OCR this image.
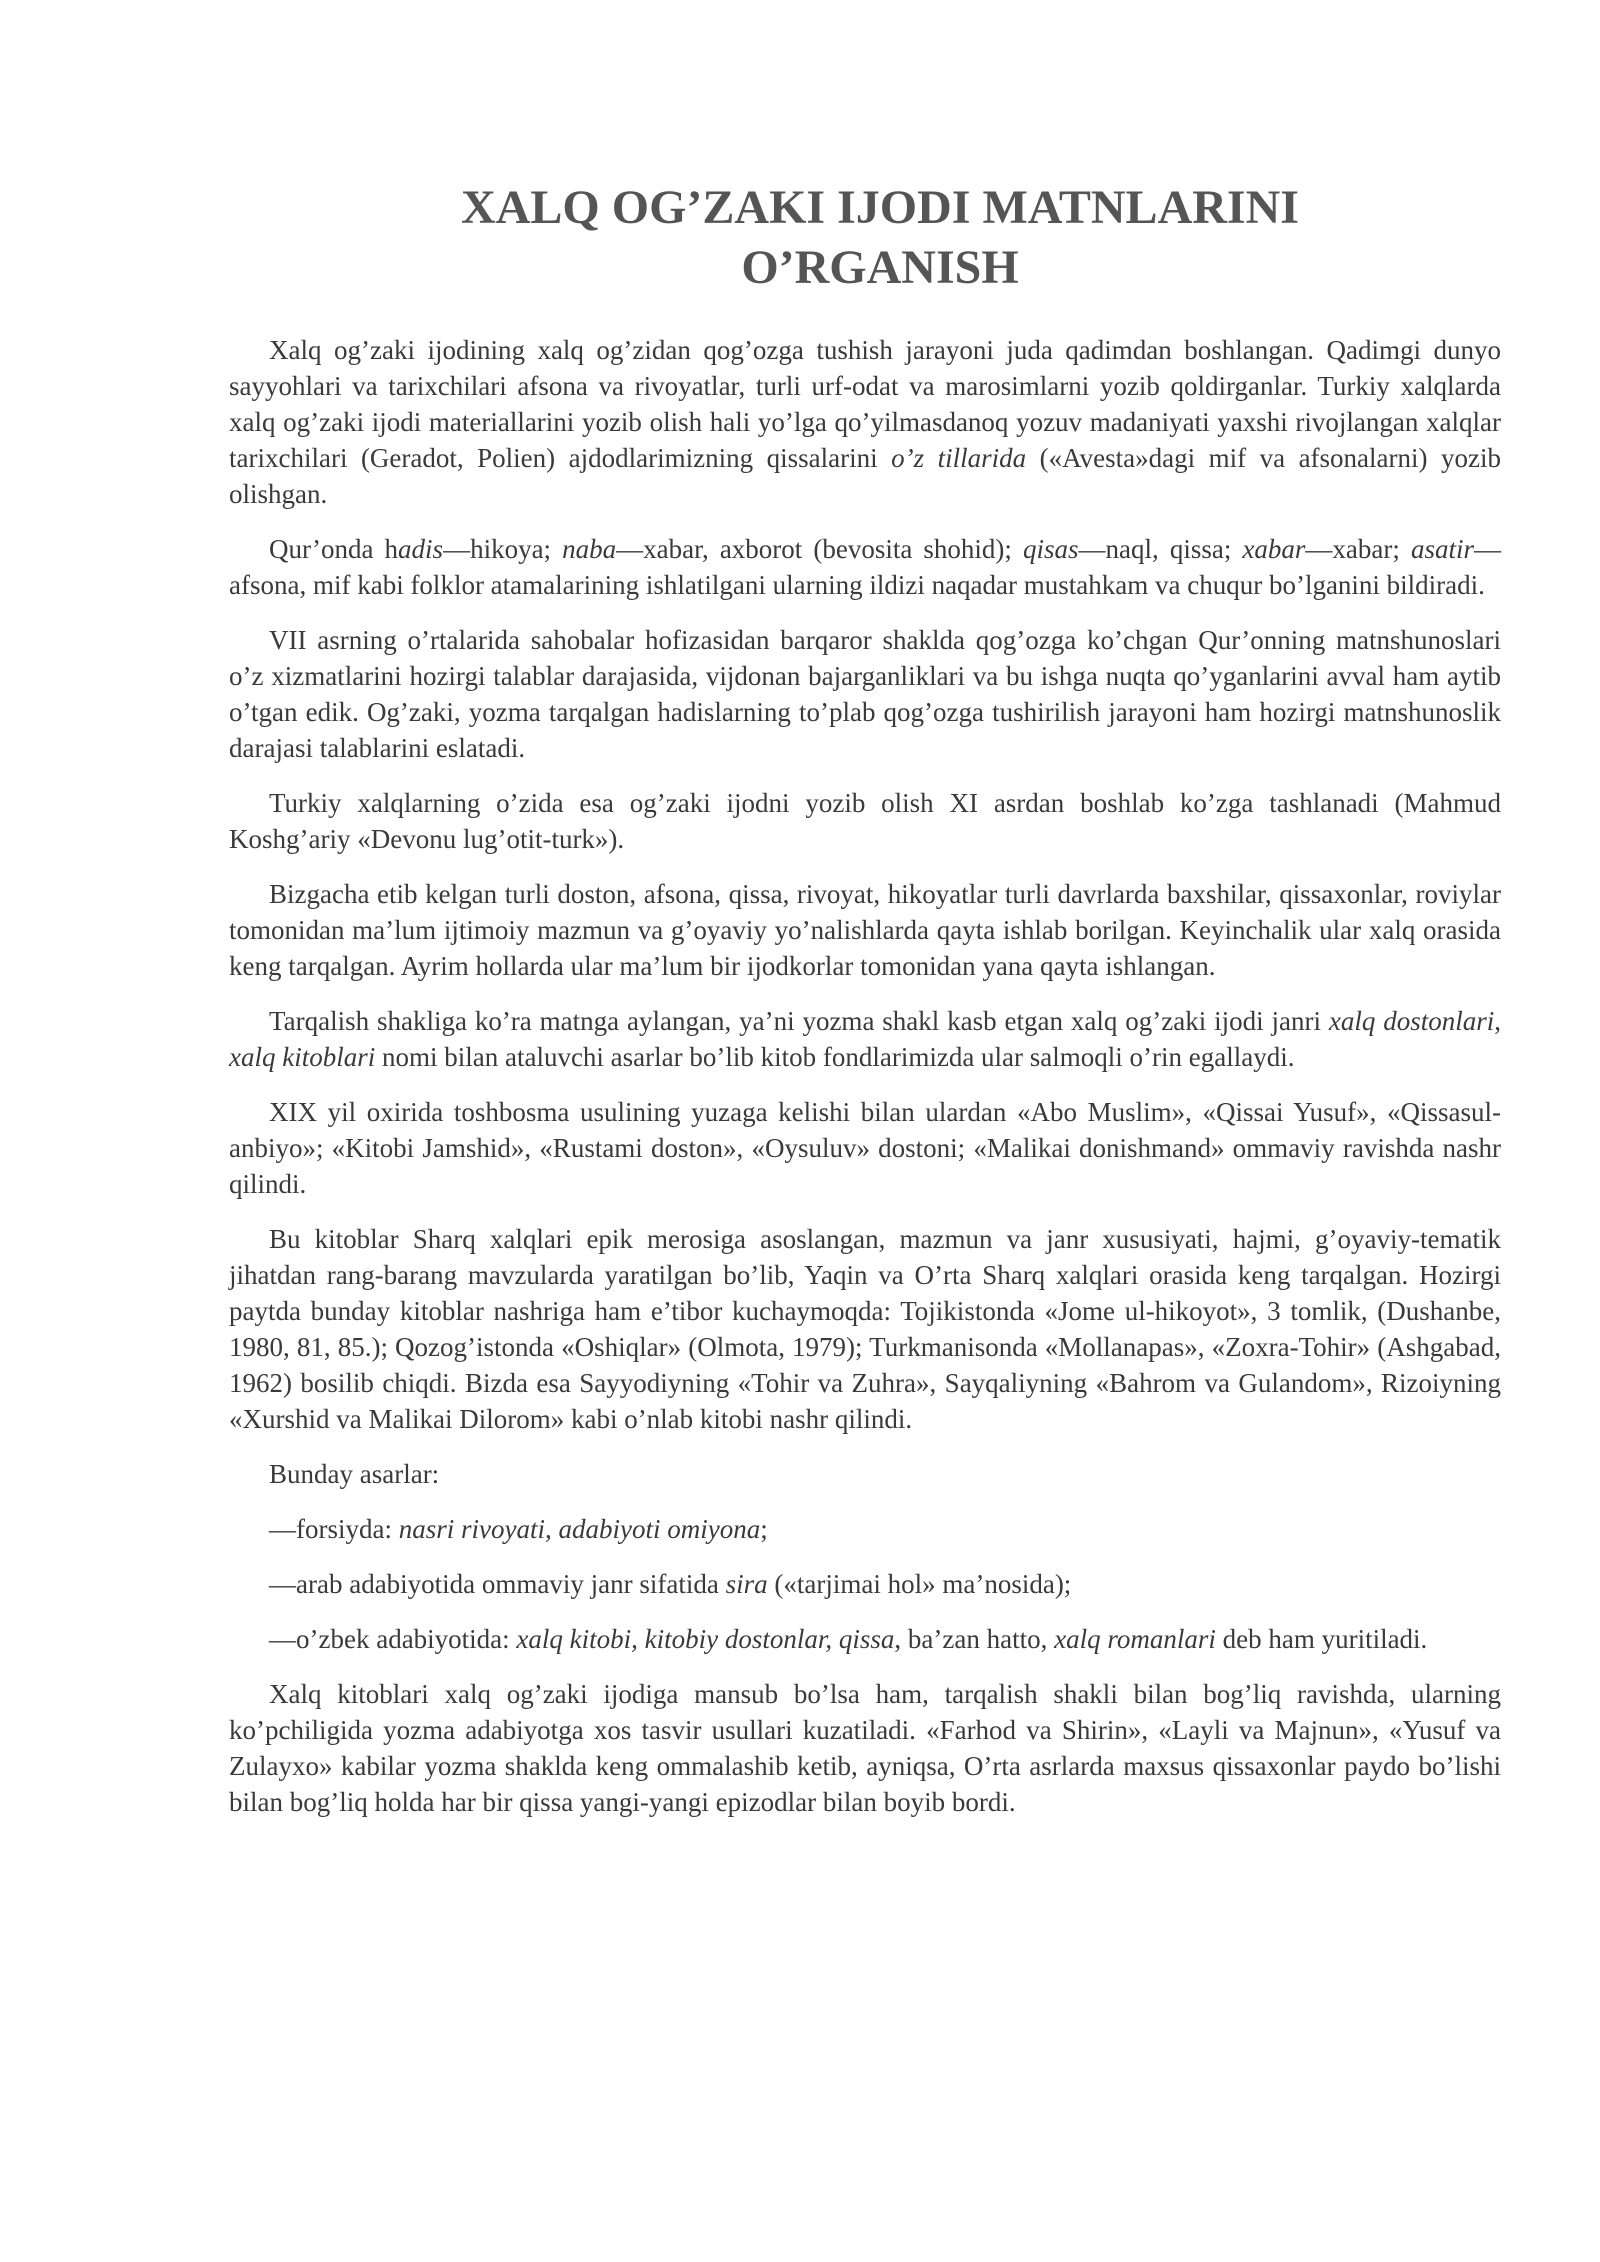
XALQ OG’ZAKI IJODI MATNLARINI
O’RGANISH

Xalq og’zaki ijodining xalq og’zidan qog’ozga tushish jarayoni juda qadimdan boshlangan. Qadimgi dunyo sayyohlari va tarixchilari afsona va rivoyatlar, turli urf-odat va marosimlarni yozib qoldirganlar. Turkiy xalqlarda xalq og’zaki ijodi materiallarini yozib olish hali yo’lga qo’yilmasdanoq yozuv madaniyati yaxshi rivojlangan xalqlar tarixchilari (Geradot, Polien) ajdodlarimizning qissalarini o’z tillarida («Avesta»dagi mif va afsonalarni) yozib olishgan.

Qur’onda hadis—hikoya; naba—xabar, axborot (bevosita shohid); qisas—naql, qissa; xabar—xabar; asatir—afsona, mif kabi folklor atamalarining ishlatilgani ularning ildizi naqadar mustahkam va chuqur bo’lganini bildiradi.

VII asrning o’rtalarida sahobalar hofizasidan barqaror shaklda qog’ozga ko’chgan Qur’onning matnshunoslari o’z xizmatlarini hozirgi talablar darajasida, vijdonan bajarganliklari va bu ishga nuqta qo’yganlarini avval ham aytib o’tgan edik. Og’zaki, yozma tarqalgan hadislarning to’plab qog’ozga tushirilish jarayoni ham hozirgi matnshunoslik darajasi talablarini eslatadi.

Turkiy xalqlarning o’zida esa og’zaki ijodni yozib olish XI asrdan boshlab ko’zga tashlanadi (Mahmud Koshg’ariy «Devonu lug’otit-turk»).

Bizgacha etib kelgan turli doston, afsona, qissa, rivoyat, hikoyatlar turli davrlarda baxshilar, qissaxonlar, roviylar tomonidan ma’lum ijtimoiy mazmun va g’oyaviy yo’nalishlarda qayta ishlab borilgan. Keyinchalik ular xalq orasida keng tarqalgan. Ayrim hollarda ular ma’lum bir ijodkorlar tomonidan yana qayta ishlangan.

Tarqalish shakliga ko’ra matnga aylangan, ya’ni yozma shakl kasb etgan xalq og’zaki ijodi janri xalq dostonlari, xalq kitoblari nomi bilan ataluvchi asarlar bo’lib kitob fondlarimizda ular salmoqli o’rin egallaydi.

XIX yil oxirida toshbosma usulining yuzaga kelishi bilan ulardan «Abo Muslim», «Qissai Yusuf», «Qissasul-anbiyo»; «Kitobi Jamshid», «Rustami doston», «Oysuluv» dostoni; «Malikai donishmand» ommaviy ravishda nashr qilindi.

Bu kitoblar Sharq xalqlari epik merosiga asoslangan, mazmun va janr xususiyati, hajmi, g’oyaviy-tematik jihatdan rang-barang mavzularda yaratilgan bo’lib, Yaqin va O’rta Sharq xalqlari orasida keng tarqalgan. Hozirgi paytda bunday kitoblar nashriga ham e’tibor kuchaymoqda: Tojikistonda «Jome ul-hikoyot», 3 tomlik, (Dushanbe, 1980, 81, 85.); Qozog’istonda «Oshiqlar» (Olmota, 1979); Turkmanisonda «Mollanapas», «Zoxra-Tohir» (Ashgabad, 1962) bosilib chiqdi. Bizda esa Sayyodiyning «Tohir va Zuhra», Sayqaliyning «Bahrom va Gulandom», Rizoiyning «Xurshid va Malikai Dilorom» kabi o’nlab kitobi nashr qilindi.

Bunday asarlar:

—forsiyda: nasri rivoyati, adabiyoti omiyona;

—arab adabiyotida ommaviy janr sifatida sira («tarjimai hol» ma’nosida);

—o’zbek adabiyotida: xalq kitobi, kitobiy dostonlar, qissa, ba’zan hatto, xalq romanlari deb ham yuritiladi.

Xalq kitoblari xalq og’zaki ijodiga mansub bo’lsa ham, tarqalish shakli bilan bog’liq ravishda, ularning ko’pchiligida yozma adabiyotga xos tasvir usullari kuzatiladi. «Farhod va Shirin», «Layli va Majnun», «Yusuf va Zulayxo» kabilar yozma shaklda keng ommalashib ketib, ayniqsa, O’rta asrlarda maxsus qissaxonlar paydo bo’lishi bilan bog’liq holda har bir qissa yangi-yangi epizodlar bilan boyib bordi.
